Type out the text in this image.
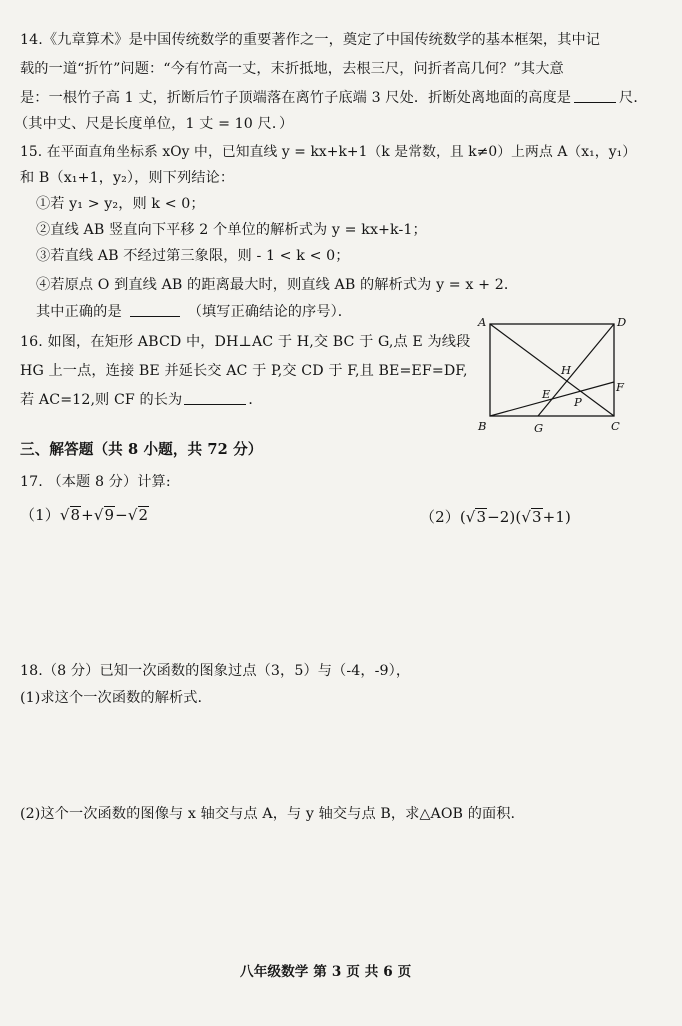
14.《九章算术》是中国传统数学的重要著作之一，奠定了中国传统数学的基本框架，其中记
载的一道“折竹”问题：“今有竹高一丈，末折抵地，去根三尺，问折者高几何？”其大意
是：一根竹子高 1 丈，折断后竹子顶端落在离竹子底端 3 尺处．折断处离地面的高度是	尺．
（其中丈、尺是长度单位，1 丈 = 10 尺．）
15. 在平面直角坐标系 xOy 中，已知直线 y = kx+k+1（k 是常数，且 k≠0）上两点 A（x₁，y₁）
和 B（x₁+1，y₂），则下列结论：
①若 y₁ > y₂，则 k < 0；
②直线 AB 竖直向下平移 2 个单位的解析式为 y = kx+k-1；
③若直线 AB 不经过第三象限，则 - 1 < k < 0；
④若原点 O 到直线 AB 的距离最大时，则直线 AB 的解析式为 y = x + 2．
其中正确的是	（填写正确结论的序号）．
16. 如图，在矩形 ABCD 中，DH⊥AC 于 H,交 BC 于 G,点 E 为线段
HG 上一点，连接 BE 并延长交 AC 于 P,交 CD 于 F,且 BE=EF=DF,
若 AC=12,则 CF 的长为	．
A	D
B	G	C
H
E
P
F
三、解答题（共 8 小题，共 72 分）
17. （本题 8 分）计算:
（1） √ 8 + √ 9 − √ 2	（2）( √ 3 −2)( √ 3 +1)
18.（8 分）已知一次函数的图象过点（3，5）与（-4，-9），
(1)求这个一次函数的解析式.
(2)这个一次函数的图像与 x 轴交与点 A，与 y 轴交与点 B，求△AOB 的面积.
八年级数学 第 3 页 共 6 页
